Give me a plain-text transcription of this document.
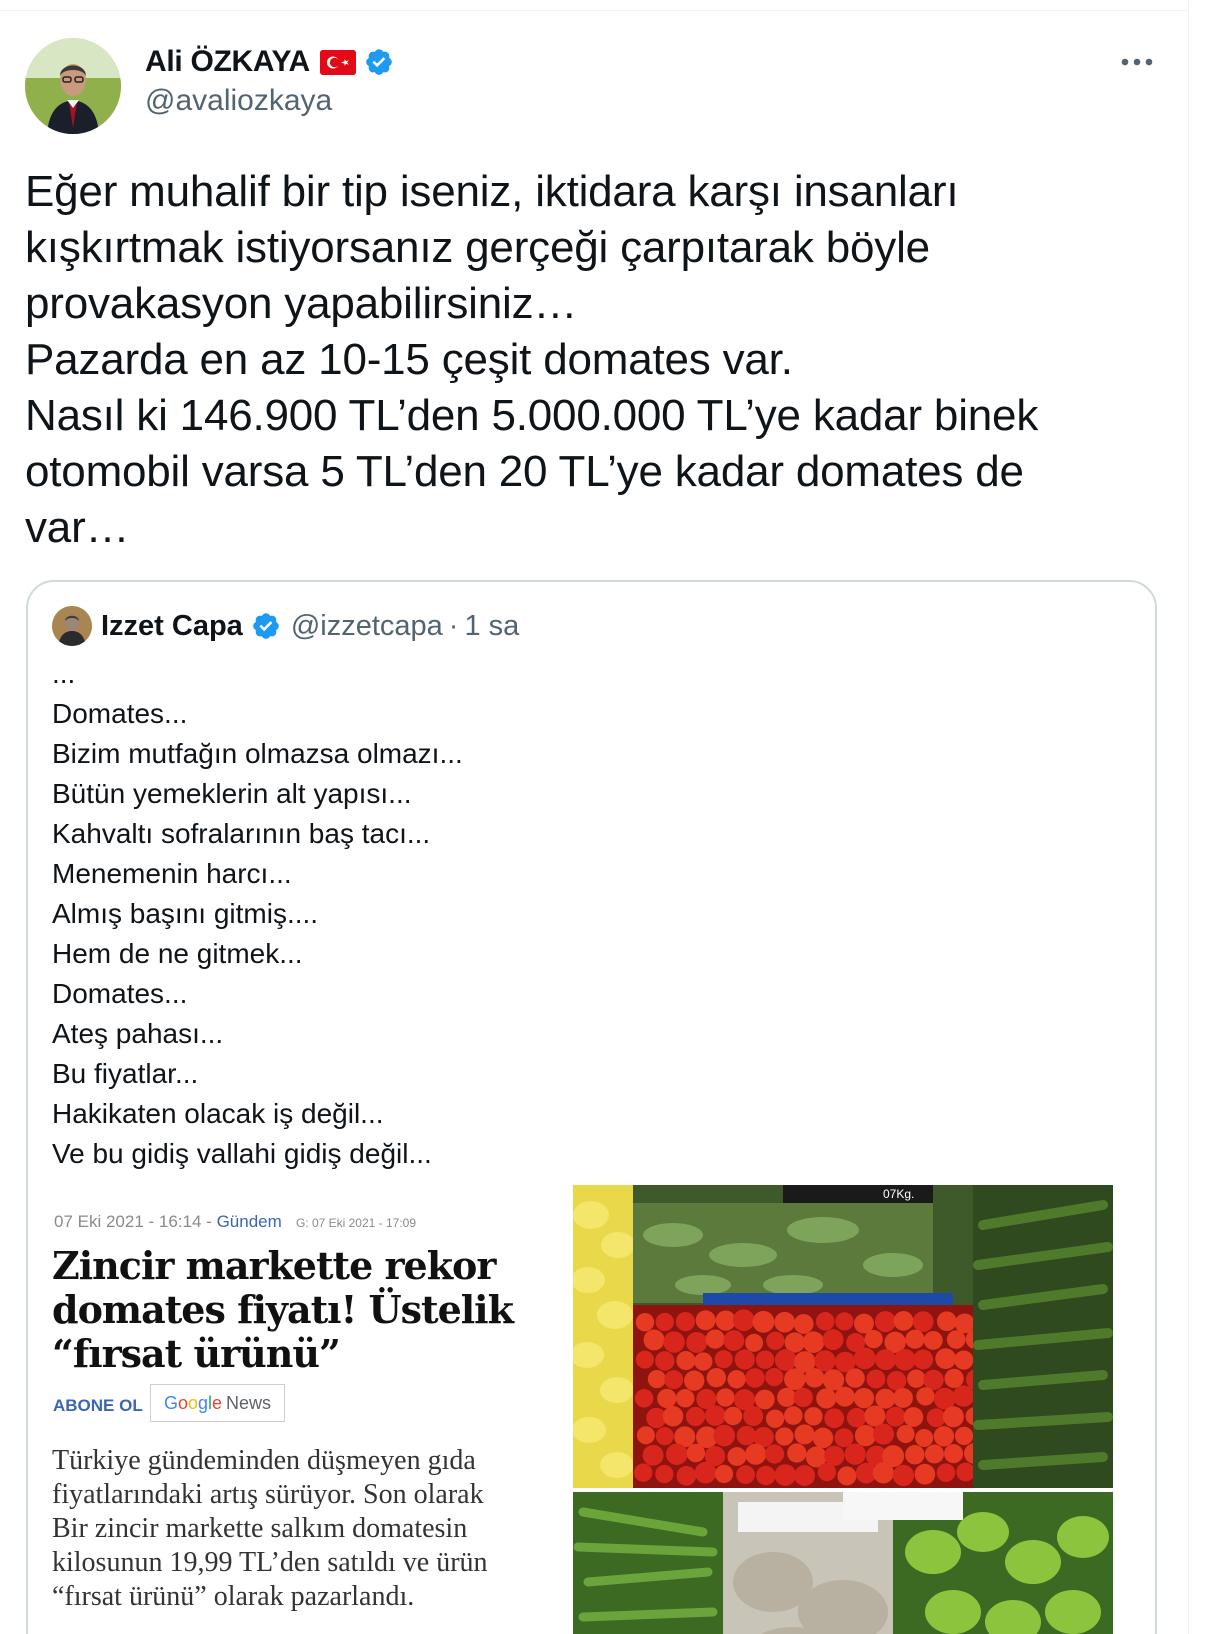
Ali ÖZKAYA
@avaliozkaya
Eğer muhalif bir tip iseniz, iktidara karşı insanları
kışkırtmak istiyorsanız gerçeği çarpıtarak böyle
provakasyon yapabilirsiniz…
Pazarda en az 10-15 çeşit domates var.
Nasıl ki 146.900 TL’den 5.000.000 TL’ye kadar binek
otomobil varsa 5 TL’den 20 TL’ye kadar domates de
var…
Izzet Capa @izzetcapa · 1 sa
...
Domates...
Bizim mutfağın olmazsa olmazı...
Bütün yemeklerin alt yapısı...
Kahvaltı sofralarının baş tacı...
Menemenin harcı...
Almış başını gitmiş....
Hem de ne gitmek...
Domates...
Ateş pahası...
Bu fiyatlar...
Hakikaten olacak iş değil...
Ve bu gidiş vallahi gidiş değil...
07 Eki 2021 - 16:14 - Gündem G: 07 Eki 2021 - 17:09
Zincir markette rekor
domates fiyatı! Üstelik
“fırsat ürünü”
ABONE OL G o o g l e News
Türkiye gündeminden düşmeyen gıda
fiyatlarındaki artış sürüyor. Son olarak
Bir zincir markette salkım domatesin
kilosunun 19,99 TL’den satıldı ve ürün
“fırsat ürünü” olarak pazarlandı.
07Kg.
